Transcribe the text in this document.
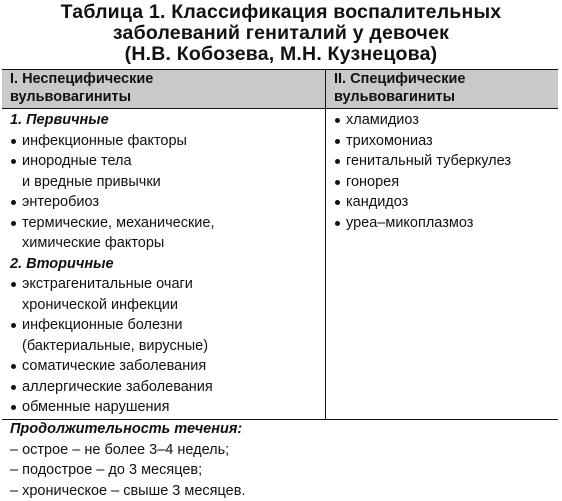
Таблица 1. Классификация воспалительных
заболеваний гениталий у девочек
(Н.В. Кобозева, М.Н. Кузнецова)
I. Неспецифические
вульвовагиниты
II. Специфические
вульвовагиниты
1. Первичные
инфекционные факторы
инородные тела
и вредные привычки
энтеробиоз
термические, механические,
химические факторы
2. Вторичные
экстрагенитальные очаги
хронической инфекции
инфекционные болезни
(бактериальные, вирусные)
соматические заболевания
аллергические заболевания
обменные нарушения
хламидиоз
трихомониаз
генитальный туберкулез
гонорея
кандидоз
уреа–микоплазмоз
Продолжительность течения:
– острое – не более 3–4 недель;
– подострое – до 3 месяцев;
– хроническое – свыше 3 месяцев.
